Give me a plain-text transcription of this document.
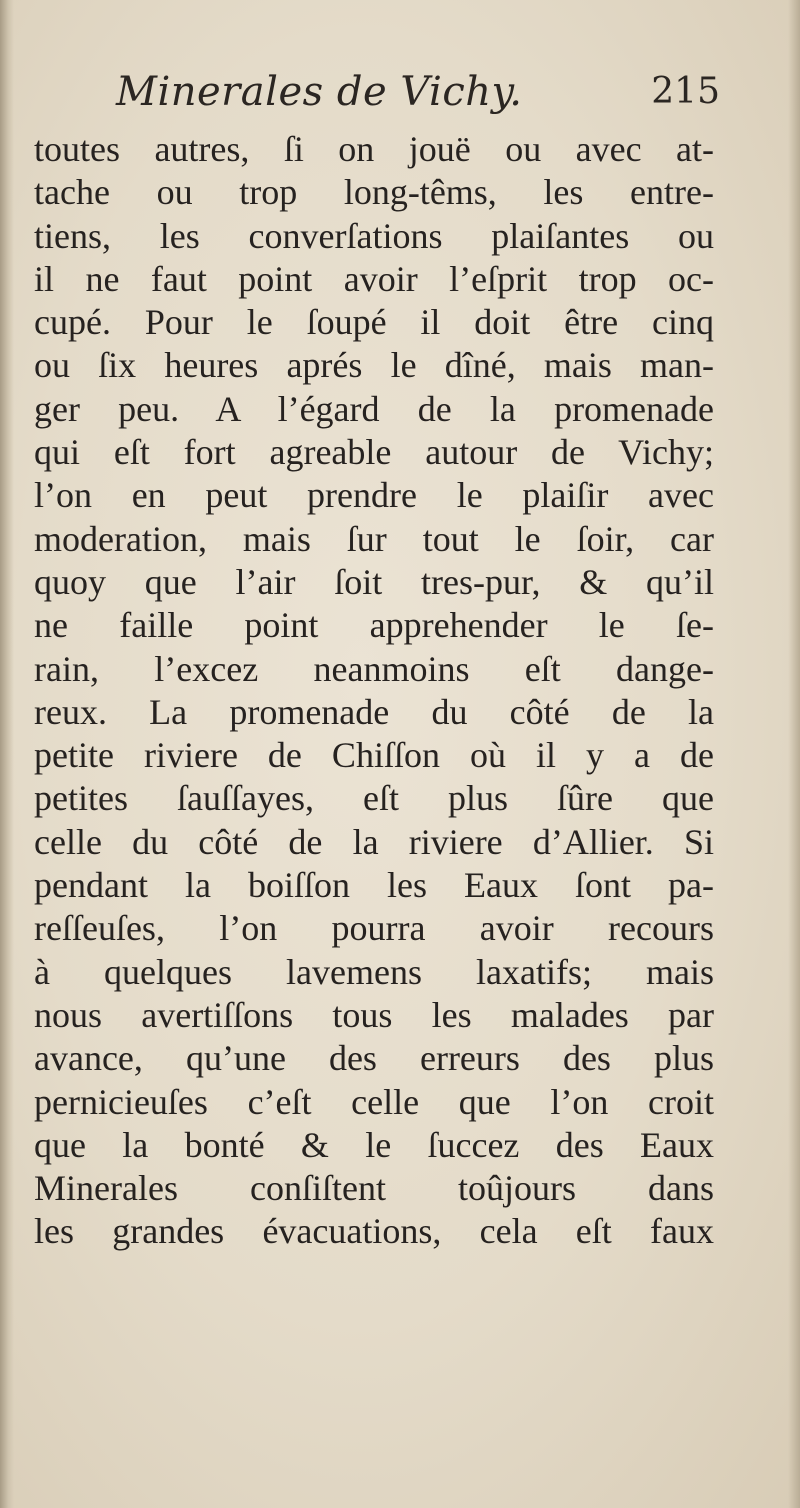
Minerales de Vichy.	215
toutes autres, ſi on jouë ou avec at-
tache ou trop long-têms, les entre-
tiens, les converſations plaiſantes ou
il ne faut point avoir l’eſprit trop oc-
cupé. Pour le ſoupé il doit être cinq
ou ſix heures aprés le dîné, mais man-
ger peu. A l’égard de la promenade
qui eſt fort agreable autour de Vichy;
l’on en peut prendre le plaiſir avec
moderation, mais ſur tout le ſoir, car
quoy que l’air ſoit tres-pur, & qu’il
ne faille point apprehender le ſe-
rain, l’excez neanmoins eſt dange-
reux. La promenade du côté de la
petite riviere de Chiſſon où il y a de
petites ſauſſayes, eſt plus ſûre que
celle du côté de la riviere d’Allier. Si
pendant la boiſſon les Eaux ſont pa-
reſſeuſes, l’on pourra avoir recours
à quelques lavemens laxatifs; mais
nous avertiſſons tous les malades par
avance, qu’une des erreurs des plus
pernicieuſes c’eſt celle que l’on croit
que la bonté & le ſuccez des Eaux
Minerales conſiſtent toûjours dans
les grandes évacuations, cela eſt faux
